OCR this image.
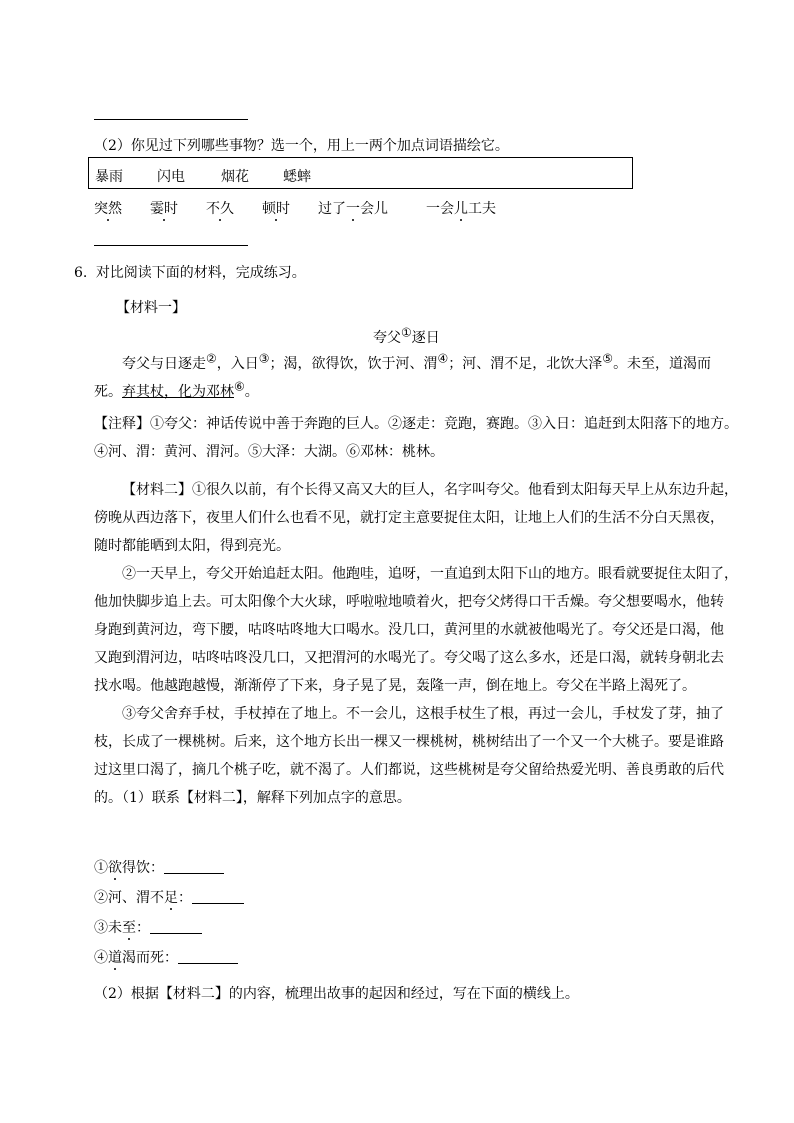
（2）你见过下列哪些事物？选一个，用上一两个加点词语描绘它。
暴雨 闪电	烟花 蟋蟀
突然 霎时 不久 顿时 过了一会儿	一会儿工夫
6. 对比阅读下面的材料，完成练习。
【材料一】
夸父①逐日
夸父与日逐走②，入日③；渴，欲得饮，饮于河、渭④；河、渭不足，北饮大泽⑤。未至，道渴而
死。弃其杖，化为邓林⑥。
【注释】①夸父：神话传说中善于奔跑的巨人。②逐走：竞跑，赛跑。③入日：追赶到太阳落下的地方。
④河、渭：黄河、渭河。⑤大泽：大湖。⑥邓林：桃林。
【材料二】①很久以前，有个长得又高又大的巨人，名字叫夸父。他看到太阳每天早上从东边升起，
傍晚从西边落下，夜里人们什么也看不见，就打定主意要捉住太阳，让地上人们的生活不分白天黑夜，
随时都能晒到太阳，得到亮光。
②一天早上，夸父开始追赶太阳。他跑哇，追呀，一直追到太阳下山的地方。眼看就要捉住太阳了，
他加快脚步追上去。可太阳像个大火球，呼啦啦地喷着火，把夸父烤得口干舌燥。夸父想要喝水，他转
身跑到黄河边，弯下腰，咕咚咕咚地大口喝水。没几口，黄河里的水就被他喝光了。夸父还是口渴，他
又跑到渭河边，咕咚咕咚没几口，又把渭河的水喝光了。夸父喝了这么多水，还是口渴，就转身朝北去
找水喝。他越跑越慢，渐渐停了下来，身子晃了晃，轰隆一声，倒在地上。夸父在半路上渴死了。
③夸父舍弃手杖，手杖掉在了地上。不一会儿，这根手杖生了根，再过一会儿，手杖发了芽，抽了
枝，长成了一棵桃树。后来，这个地方长出一棵又一棵桃树，桃树结出了一个又一个大桃子。要是谁路
过这里口渴了，摘几个桃子吃，就不渴了。人们都说，这些桃树是夸父留给热爱光明、善良勇敢的后代
的。（1）联系【材料二】，解释下列加点字的意思。
①欲得饮：
②河、渭不足：
③未至：
④道渴而死：
（2）根据【材料二】的内容，梳理出故事的起因和经过，写在下面的横线上。
